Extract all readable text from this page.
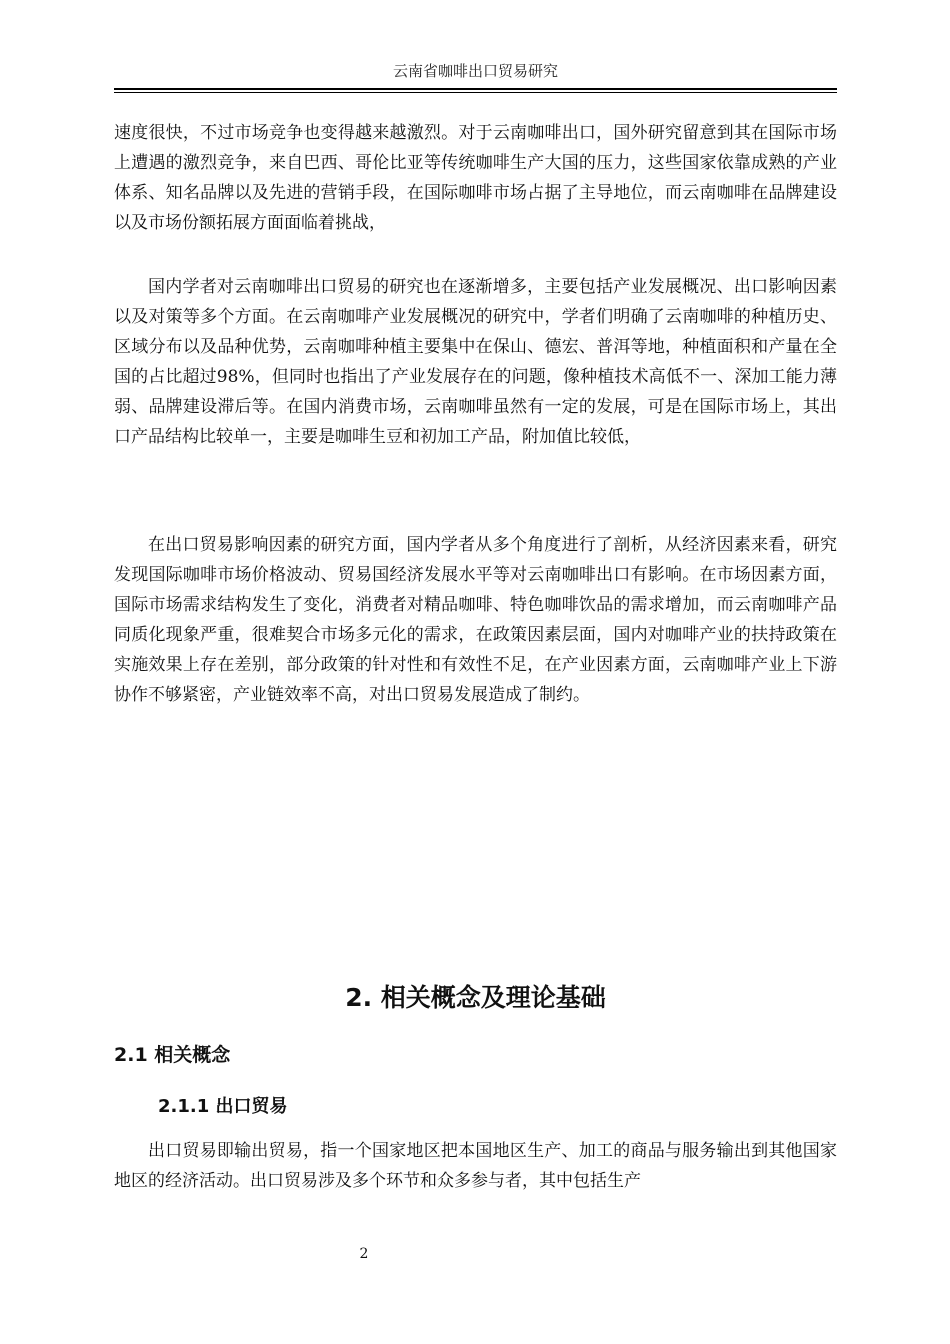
云南省咖啡出口贸易研究

速度很快，不过市场竞争也变得越来越激烈。对于云南咖啡出口，国外研究留意到其在国际市场上遭遇的激烈竞争，来自巴西、哥伦比亚等传统咖啡生产大国的压力，这些国家依靠成熟的产业体系、知名品牌以及先进的营销手段，在国际咖啡市场占据了主导地位，而云南咖啡在品牌建设以及市场份额拓展方面面临着挑战，

国内学者对云南咖啡出口贸易的研究也在逐渐增多，主要包括产业发展概况、出口影响因素以及对策等多个方面。在云南咖啡产业发展概况的研究中，学者们明确了云南咖啡的种植历史、区域分布以及品种优势，云南咖啡种植主要集中在保山、德宏、普洱等地，种植面积和产量在全国的占比超过98%，但同时也指出了产业发展存在的问题，像种植技术高低不一、深加工能力薄弱、品牌建设滞后等。在国内消费市场，云南咖啡虽然有一定的发展，可是在国际市场上，其出口产品结构比较单一，主要是咖啡生豆和初加工产品，附加值比较低，

在出口贸易影响因素的研究方面，国内学者从多个角度进行了剖析，从经济因素来看，研究发现国际咖啡市场价格波动、贸易国经济发展水平等对云南咖啡出口有影响。在市场因素方面，国际市场需求结构发生了变化，消费者对精品咖啡、特色咖啡饮品的需求增加，而云南咖啡产品同质化现象严重，很难契合市场多元化的需求，在政策因素层面，国内对咖啡产业的扶持政策在实施效果上存在差别，部分政策的针对性和有效性不足，在产业因素方面，云南咖啡产业上下游协作不够紧密，产业链效率不高，对出口贸易发展造成了制约。

2. 相关概念及理论基础
2.1 相关概念
2.1.1 出口贸易

出口贸易即输出贸易，指一个国家地区把本国地区生产、加工的商品与服务输出到其他国家地区的经济活动。出口贸易涉及多个环节和众多参与者，其中包括生产

2
